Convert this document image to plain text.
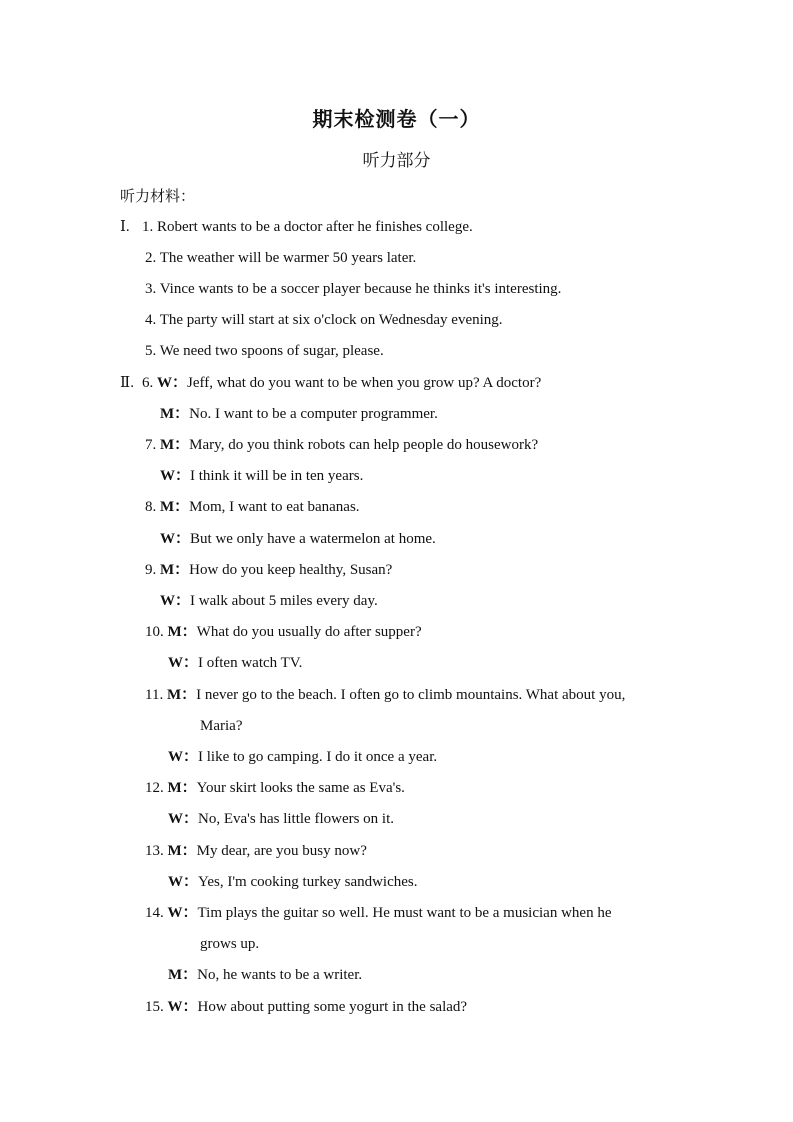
期末检测卷（一）
听力部分
听力材料：
Ⅰ. 1. Robert wants to be a doctor after he finishes college.
2. The weather will be warmer 50 years later.
3. Vince wants to be a soccer player because he thinks it's interesting.
4. The party will start at six o'clock on Wednesday evening.
5. We need two spoons of sugar, please.
Ⅱ. 6. W：Jeff, what do you want to be when you grow up? A doctor?
M：No. I want to be a computer programmer.
7. M：Mary, do you think robots can help people do housework?
W：I think it will be in ten years.
8. M：Mom, I want to eat bananas.
W：But we only have a watermelon at home.
9. M：How do you keep healthy, Susan?
W：I walk about 5 miles every day.
10. M：What do you usually do after supper?
W：I often watch TV.
11. M：I never go to the beach. I often go to climb mountains. What about you,
Maria?
W：I like to go camping. I do it once a year.
12. M：Your skirt looks the same as Eva's.
W：No, Eva's has little flowers on it.
13. M：My dear, are you busy now?
W：Yes, I'm cooking turkey sandwiches.
14. W：Tim plays the guitar so well. He must want to be a musician when he
grows up.
M：No, he wants to be a writer.
15. W：How about putting some yogurt in the salad?
